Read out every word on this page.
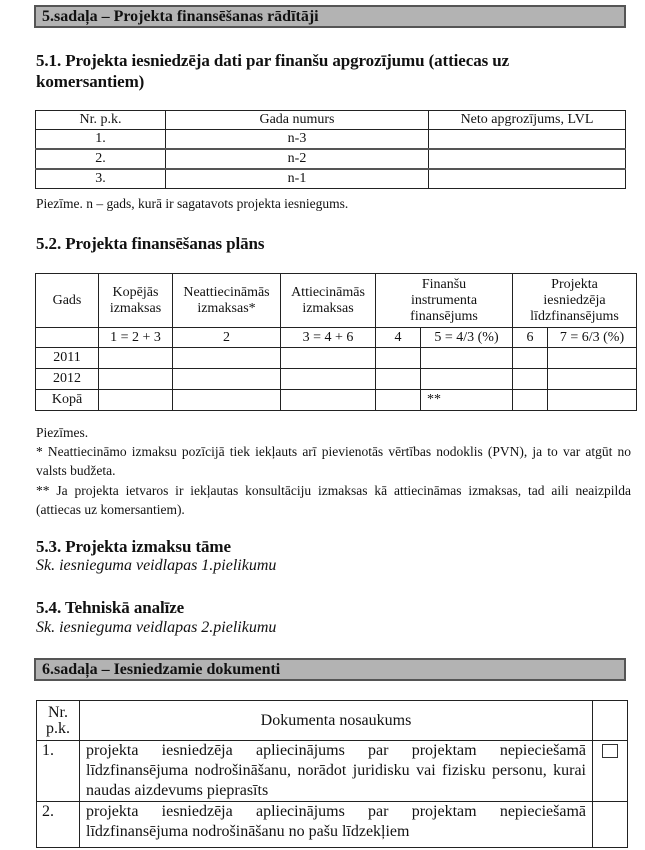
5.sadaļa – Projekta finansēšanas rādītāji
5.1. Projekta iesniedzēja dati par finanšu apgrozījumu (attiecas uz komersantiem)
Nr. p.k.	Gada numurs	Neto apgrozījums, LVL
1.	n-3	
2.	n-2	
3.	n-1	
Piezīme. n – gads, kurā ir sagatavots projekta iesniegums.
5.2. Projekta finansēšanas plāns
Gads	Kopējās izmaksas	Neattiecināmās izmaksas*	Attiecināmās izmaksas	Finanšu instrumenta finansējums		Projekta iesniedzēja līdzfinansējums	

	1 = 2 + 3	2	3 = 4 + 6	4	5 = 4/3 (%)	6	7 = 6/3 (%)
2011							
2012							
Kopā					**		
Piezīmes.
* Neattiecināmo izmaksu pozīcijā tiek iekļauts arī pievienotās vērtības nodoklis (PVN), ja to var atgūt no valsts budžeta.
** Ja projekta ietvaros ir iekļautas konsultāciju izmaksas kā attiecināmas izmaksas, tad aili neaizpilda (attiecas uz komersantiem).
5.3. Projekta izmaksu tāme
Sk. iesnieguma veidlapas 1.pielikumu
5.4. Tehniskā analīze
Sk. iesnieguma veidlapas 2.pielikumu
6.sadaļa – Iesniedzamie dokumenti
Nr. p.k.	Dokumenta nosaukums	
1.	projekta iesniedzēja apliecinājums par projektam nepieciešamā līdzfinansējuma nodrošināšanu, norādot juridisku vai fizisku personu, kurai naudas aizdevums pieprasīts	
2.	projekta iesniedzēja apliecinājums par projektam nepieciešamā līdzfinansējuma nodrošināšanu no pašu līdzekļiem	
